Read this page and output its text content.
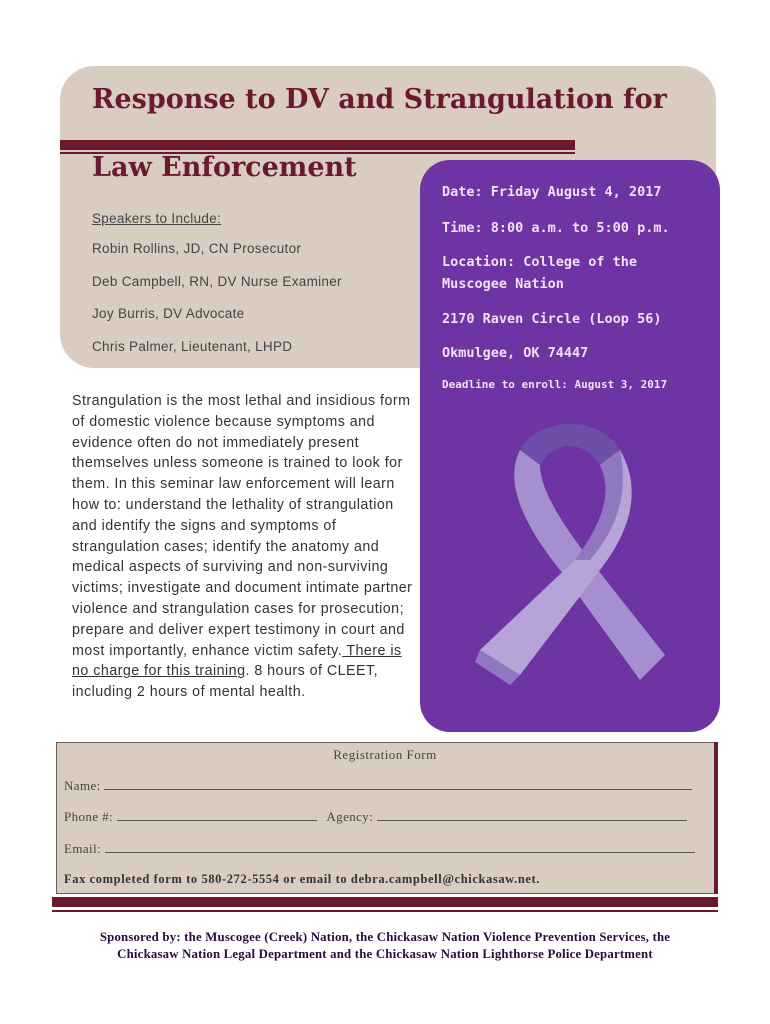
Response to DV and Strangulation for
Law Enforcement
Speakers to Include:
Robin Rollins, JD, CN Prosecutor
Deb Campbell, RN, DV Nurse Examiner
Joy Burris, DV Advocate
Chris Palmer, Lieutenant, LHPD
Date: Friday August 4, 2017
Time: 8:00 a.m. to 5:00 p.m.
Location: College of the
Muscogee Nation
2170 Raven Circle (Loop 56)
Okmulgee, OK 74447
Deadline to enroll: August 3, 2017
Strangulation is the most lethal and insidious form of domestic violence because symptoms and evidence often do not immediately present themselves unless someone is trained to look for them. In this seminar law enforcement will learn how to: understand the lethality of strangulation and identify the signs and symptoms of strangulation cases; identify the anatomy and medical aspects of surviving and non-surviving victims; investigate and document intimate partner violence and strangulation cases for prosecution; prepare and deliver expert testimony in court and most importantly, enhance victim safety. There is no charge for this training. 8 hours of CLEET, including 2 hours of mental health.
Registration Form
Name:
Phone #:	Agency:
Email:
Fax completed form to 580-272-5554 or email to debra.campbell@chickasaw.net.
Sponsored by: the Muscogee (Creek) Nation, the Chickasaw Nation Violence Prevention Services, the Chickasaw Nation Legal Department and the Chickasaw Nation Lighthorse Police Department
